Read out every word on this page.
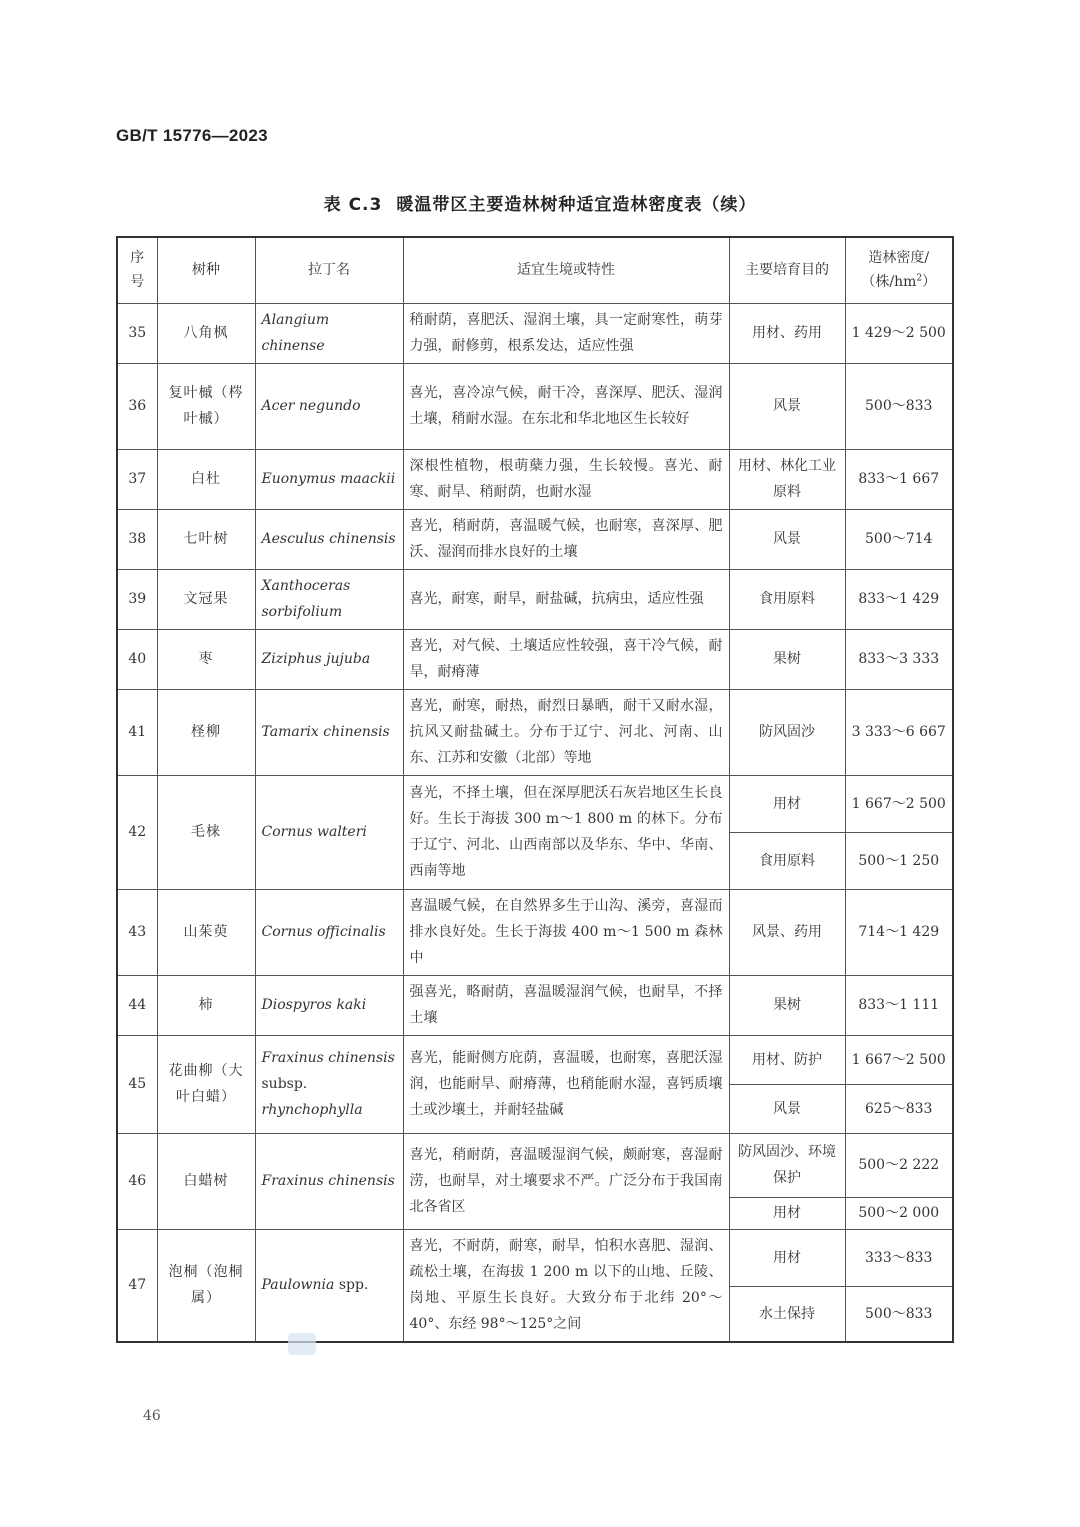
GB/T 15776—2023
表 C.3 暖温带区主要造林树种适宜造林密度表（续）
序号	树种	拉丁名	适宜生境或特性	主要培育目的	造林密度/
（株$/hm^2$）
35	八角枫	Alangium chinense	稍耐荫，喜肥沃、湿润土壤，具一定耐寒性，萌芽力强，耐修剪，根系发达，适应性强	用材、药用	1 429～2 500
36	复叶槭（梣叶槭）	Acer negundo	喜光，喜冷凉气候，耐干冷，喜深厚、肥沃、湿润土壤，稍耐水湿。在东北和华北地区生长较好	风景	500～833
37	白杜	Euonymus maackii	深根性植物，根萌蘖力强，生长较慢。喜光、耐寒、耐旱、稍耐荫，也耐水湿	用材、林化工业原料	833～1 667
38	七叶树	Aesculus chinensis	喜光，稍耐荫，喜温暖气候，也耐寒，喜深厚、肥沃、湿润而排水良好的土壤	风景	500～714
39	文冠果	Xanthoceras sorbifolium	喜光，耐寒，耐旱，耐盐碱，抗病虫，适应性强	食用原料	833～1 429
40	枣	Ziziphus jujuba	喜光，对气候、土壤适应性较强，喜干冷气候，耐旱，耐瘠薄	果树	833～3 333
41	柽柳	Tamarix chinensis	喜光，耐寒，耐热，耐烈日暴晒，耐干又耐水湿，抗风又耐盐碱土。分布于辽宁、河北、河南、山东、江苏和安徽（北部）等地	防风固沙	3 333～6 667
42	毛梾	Cornus walteri	喜光，不择土壤，但在深厚肥沃石灰岩地区生长良好。生长于海拔 300 m～1 800 m 的林下。分布于辽宁、河北、山西南部以及华东、华中、华南、西南等地	用材	1 667～2 500
				食用原料	500～1 250
43	山茱萸	Cornus officinalis	喜温暖气候，在自然界多生于山沟、溪旁，喜湿而排水良好处。生长于海拔 400 m～1 500 m 森林中	风景、药用	714～1 429
44	柿	Diospyros kaki	强喜光，略耐荫，喜温暖湿润气候，也耐旱，不择土壤	果树	833～1 111
45	花曲柳（大叶白蜡）	Fraxinus chinensis
subsp.
rhynchophylla	喜光，能耐侧方庇荫，喜温暖，也耐寒，喜肥沃湿润，也能耐旱、耐瘠薄，也稍能耐水湿，喜钙质壤土或沙壤土，并耐轻盐碱	用材、防护	1 667～2 500
				风景	625～833
46	白蜡树	Fraxinus chinensis	喜光，稍耐荫，喜温暖湿润气候，颇耐寒，喜湿耐涝，也耐旱，对土壤要求不严。广泛分布于我国南北各省区	防风固沙、环境保护	500～2 222
				用材	500～2 000
47	泡桐（泡桐属）	Paulownia spp.	喜光，不耐荫，耐寒，耐旱，怕积水喜肥、湿润、疏松土壤，在海拔 1 200 m 以下的山地、丘陵、岗地、平原生长良好。大致分布于北纬 20°～40°、东经 98°～125°之间	用材	333～833
				水土保持	500～833
46
